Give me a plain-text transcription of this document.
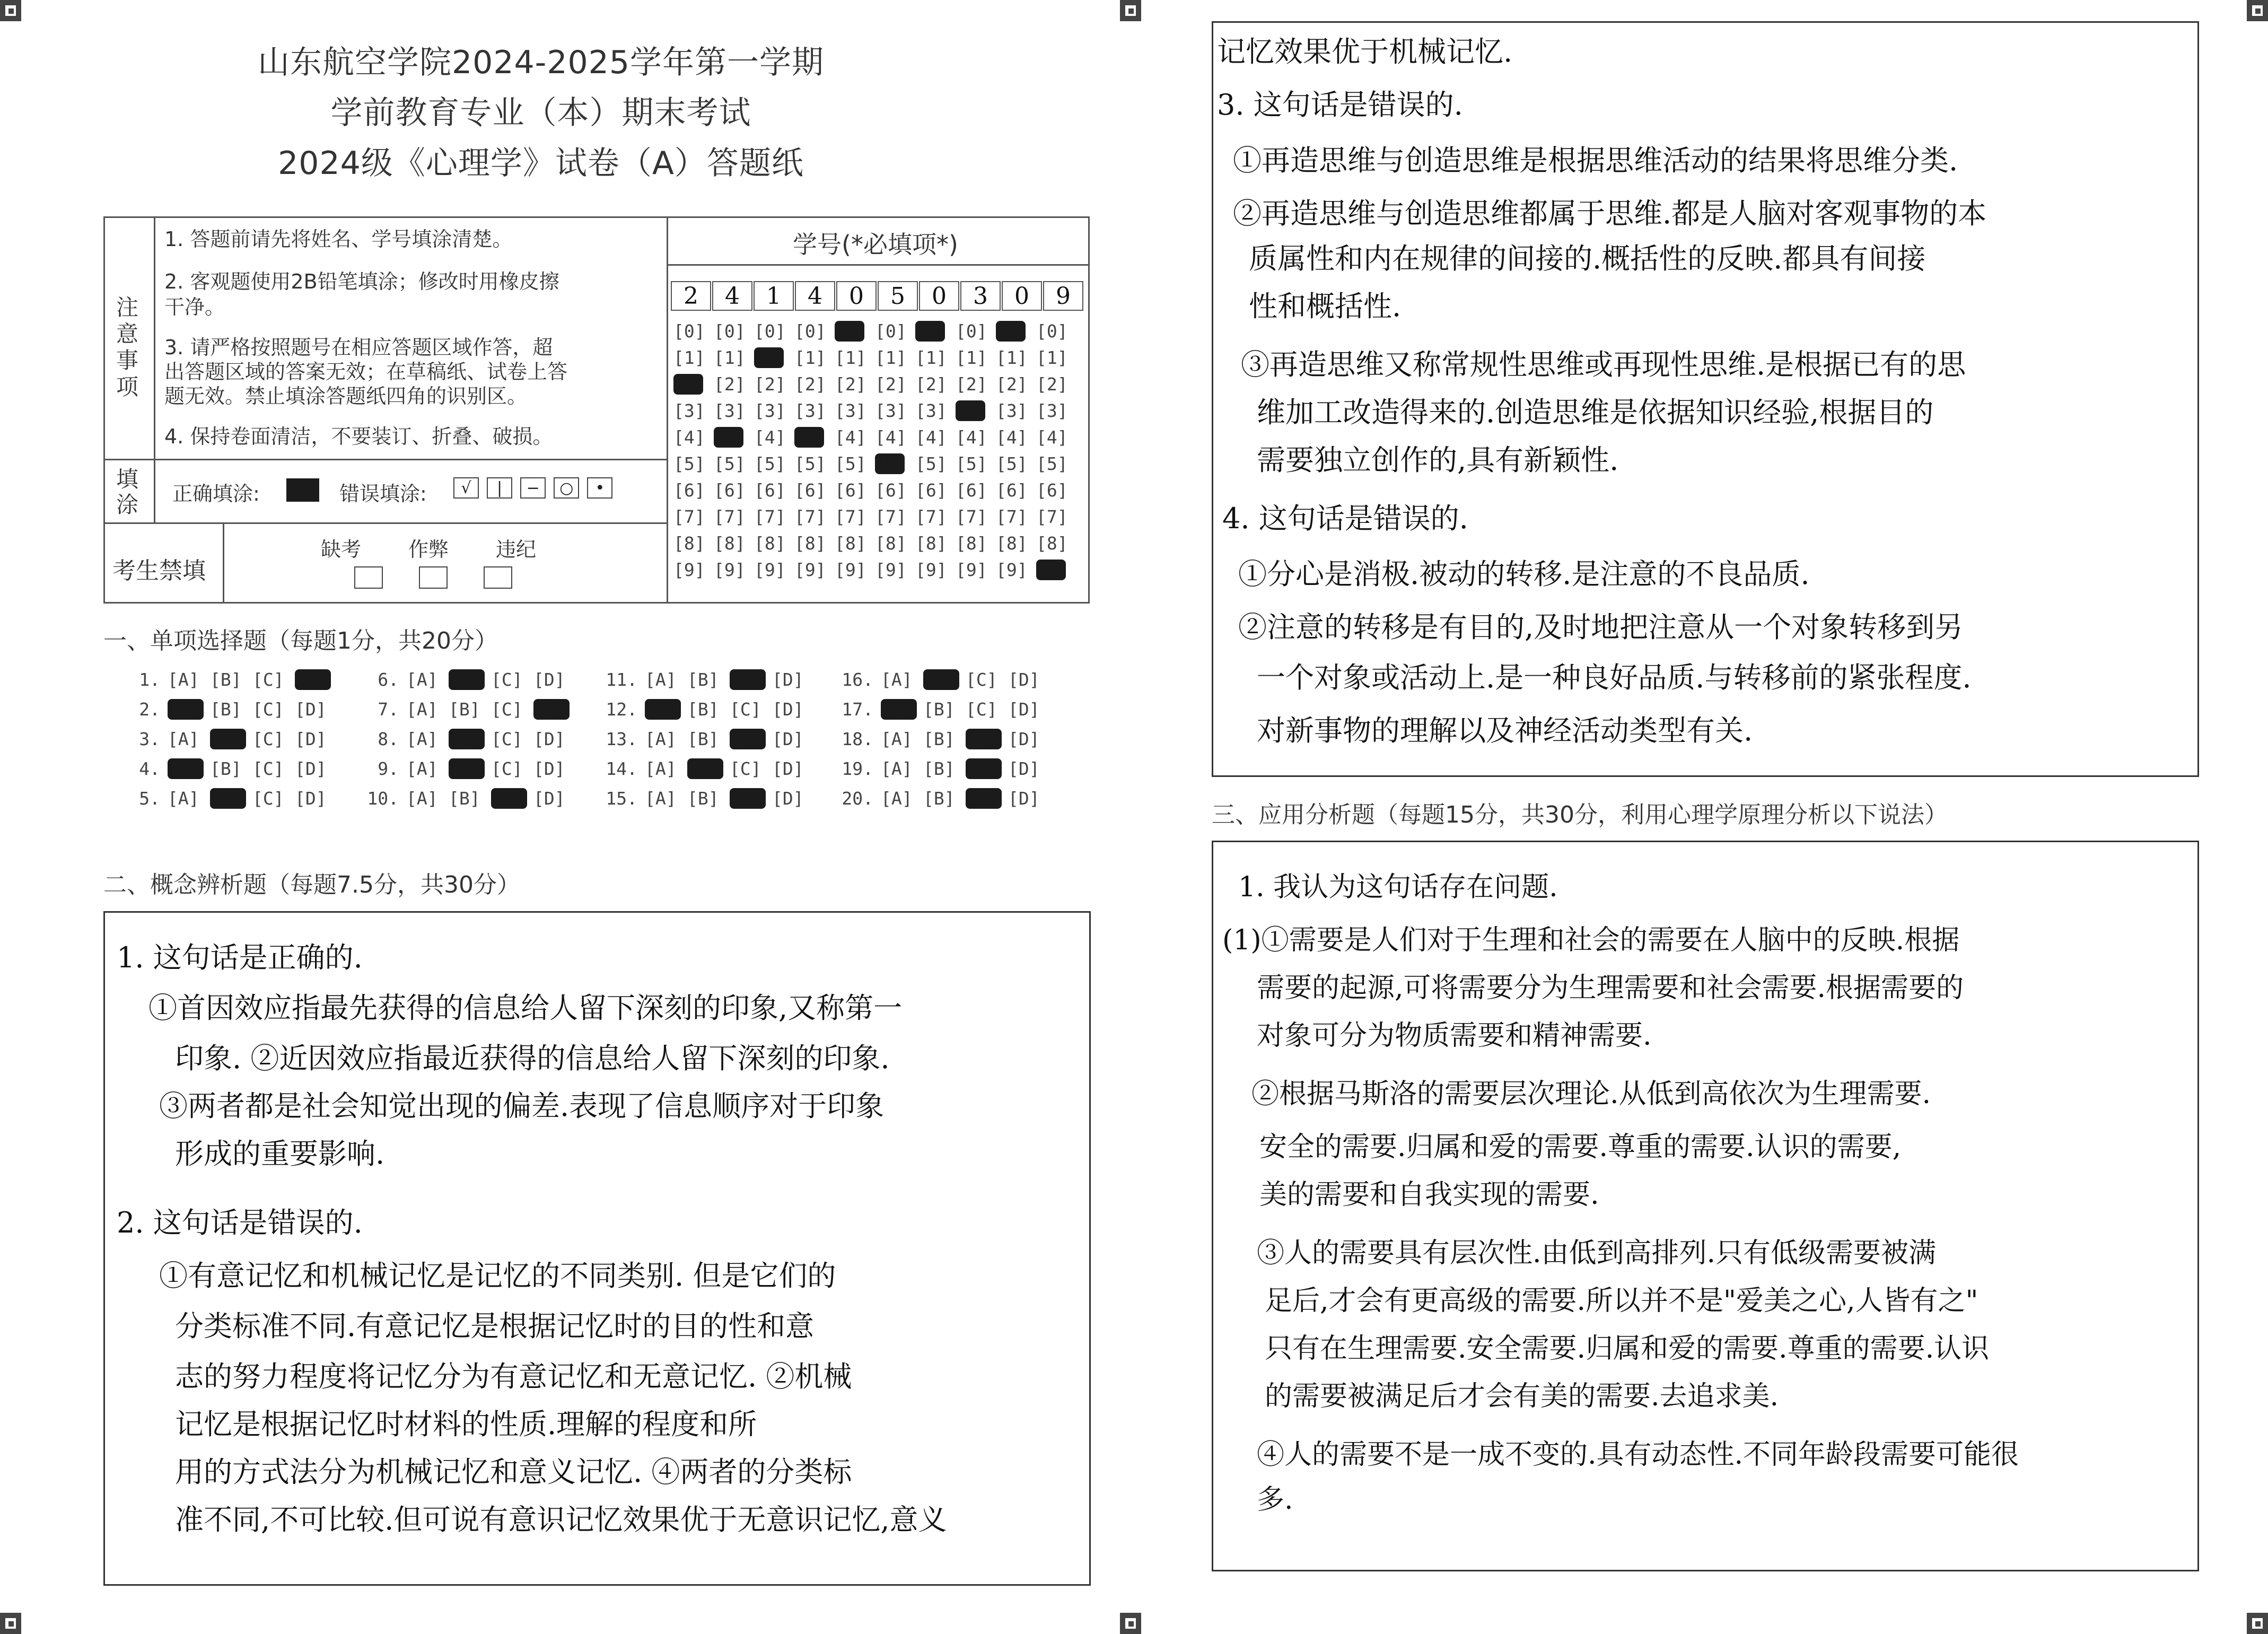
山东航空学院2024-2025学年第一学期
学前教育专业（本）期末考试
2024级《心理学》试卷（A）答题纸
注意事项
1. 答题前请先将姓名、学号填涂清楚。
2. 客观题使用2B铅笔填涂；修改时用橡皮擦
干净。
3. 请严格按照题号在相应答题区域作答，超
出答题区域的答案无效；在草稿纸、试卷上答
题无效。禁止填涂答题纸四角的识别区。
4. 保持卷面清洁，不要装订、折叠、破损。
填涂 正确填涂:	错误填涂:	√ | − ○ •
考生禁填
缺考 作弊 违纪
学号(*必填项*)
2 4 1 4 0 5 0 3 0 9
[0] [0] [0] [0] [0] [0] [0] [0] [0] [0]
[1] [1] [1] [1] [1] [1] [1] [1] [1] [1]
[2] [2] [2] [2] [2] [2] [2] [2] [2] [2]
[3] [3] [3] [3] [3] [3] [3] [3] [3] [3]
[4] [4] [4] [4] [4] [4] [4] [4] [4] [4]
[5] [5] [5] [5] [5] [5] [5] [5] [5] [5]
[6] [6] [6] [6] [6] [6] [6] [6] [6] [6]
[7] [7] [7] [7] [7] [7] [7] [7] [7] [7]
[8] [8] [8] [8] [8] [8] [8] [8] [8] [8]
[9] [9] [9] [9] [9] [9] [9] [9] [9] [9]
一、单项选择题（每题1分，共20分）
1. [A] [B] [C] [D]
2. [A] [B] [C] [D]
3. [A] [B] [C] [D]
4. [A] [B] [C] [D]
5. [A] [B] [C] [D]
6. [A] [B] [C] [D]
7. [A] [B] [C] [D]
8. [A] [B] [C] [D]
9. [A] [B] [C] [D]
10. [A] [B] [C] [D]
11. [A] [B] [C] [D]
12. [A] [B] [C] [D]
13. [A] [B] [C] [D]
14. [A] [B] [C] [D]
15. [A] [B] [C] [D]
16. [A] [B] [C] [D]
17. [A] [B] [C] [D]
18. [A] [B] [C] [D]
19. [A] [B] [C] [D]
20. [A] [B] [C] [D]
二、概念辨析题（每题7.5分，共30分）
1. 这句话是正确的.
①首因效应指最先获得的信息给人留下深刻的印象,又称第一
印象. ②近因效应指最近获得的信息给人留下深刻的印象.
③两者都是社会知觉出现的偏差.表现了信息顺序对于印象
形成的重要影响.
2. 这句话是错误的.
①有意记忆和机械记忆是记忆的不同类别. 但是它们的
分类标准不同.有意记忆是根据记忆时的目的性和意
志的努力程度将记忆分为有意记忆和无意记忆. ②机械
记忆是根据记忆时材料的性质.理解的程度和所
用的方式法分为机械记忆和意义记忆. ④两者的分类标
准不同,不可比较.但可说有意识记忆效果优于无意识记忆,意义
记忆效果优于机械记忆.
3. 这句话是错误的.
①再造思维与创造思维是根据思维活动的结果将思维分类.
②再造思维与创造思维都属于思维.都是人脑对客观事物的本
质属性和内在规律的间接的.概括性的反映.都具有间接
性和概括性.
③再造思维又称常规性思维或再现性思维.是根据已有的思
维加工改造得来的.创造思维是依据知识经验,根据目的
需要独立创作的,具有新颖性.
4. 这句话是错误的.
①分心是消极.被动的转移.是注意的不良品质.
②注意的转移是有目的,及时地把注意从一个对象转移到另
一个对象或活动上.是一种良好品质.与转移前的紧张程度.
对新事物的理解以及神经活动类型有关.
三、应用分析题（每题15分，共30分，利用心理学原理分析以下说法）
1. 我认为这句话存在问题.
(1)①需要是人们对于生理和社会的需要在人脑中的反映.根据
需要的起源,可将需要分为生理需要和社会需要.根据需要的
对象可分为物质需要和精神需要.
②根据马斯洛的需要层次理论.从低到高依次为生理需要.
安全的需要.归属和爱的需要.尊重的需要.认识的需要,
美的需要和自我实现的需要.
③人的需要具有层次性.由低到高排列.只有低级需要被满
足后,才会有更高级的需要.所以并不是"爱美之心,人皆有之"
只有在生理需要.安全需要.归属和爱的需要.尊重的需要.认识
的需要被满足后才会有美的需要.去追求美.
④人的需要不是一成不变的.具有动态性.不同年龄段需要可能很
多.
